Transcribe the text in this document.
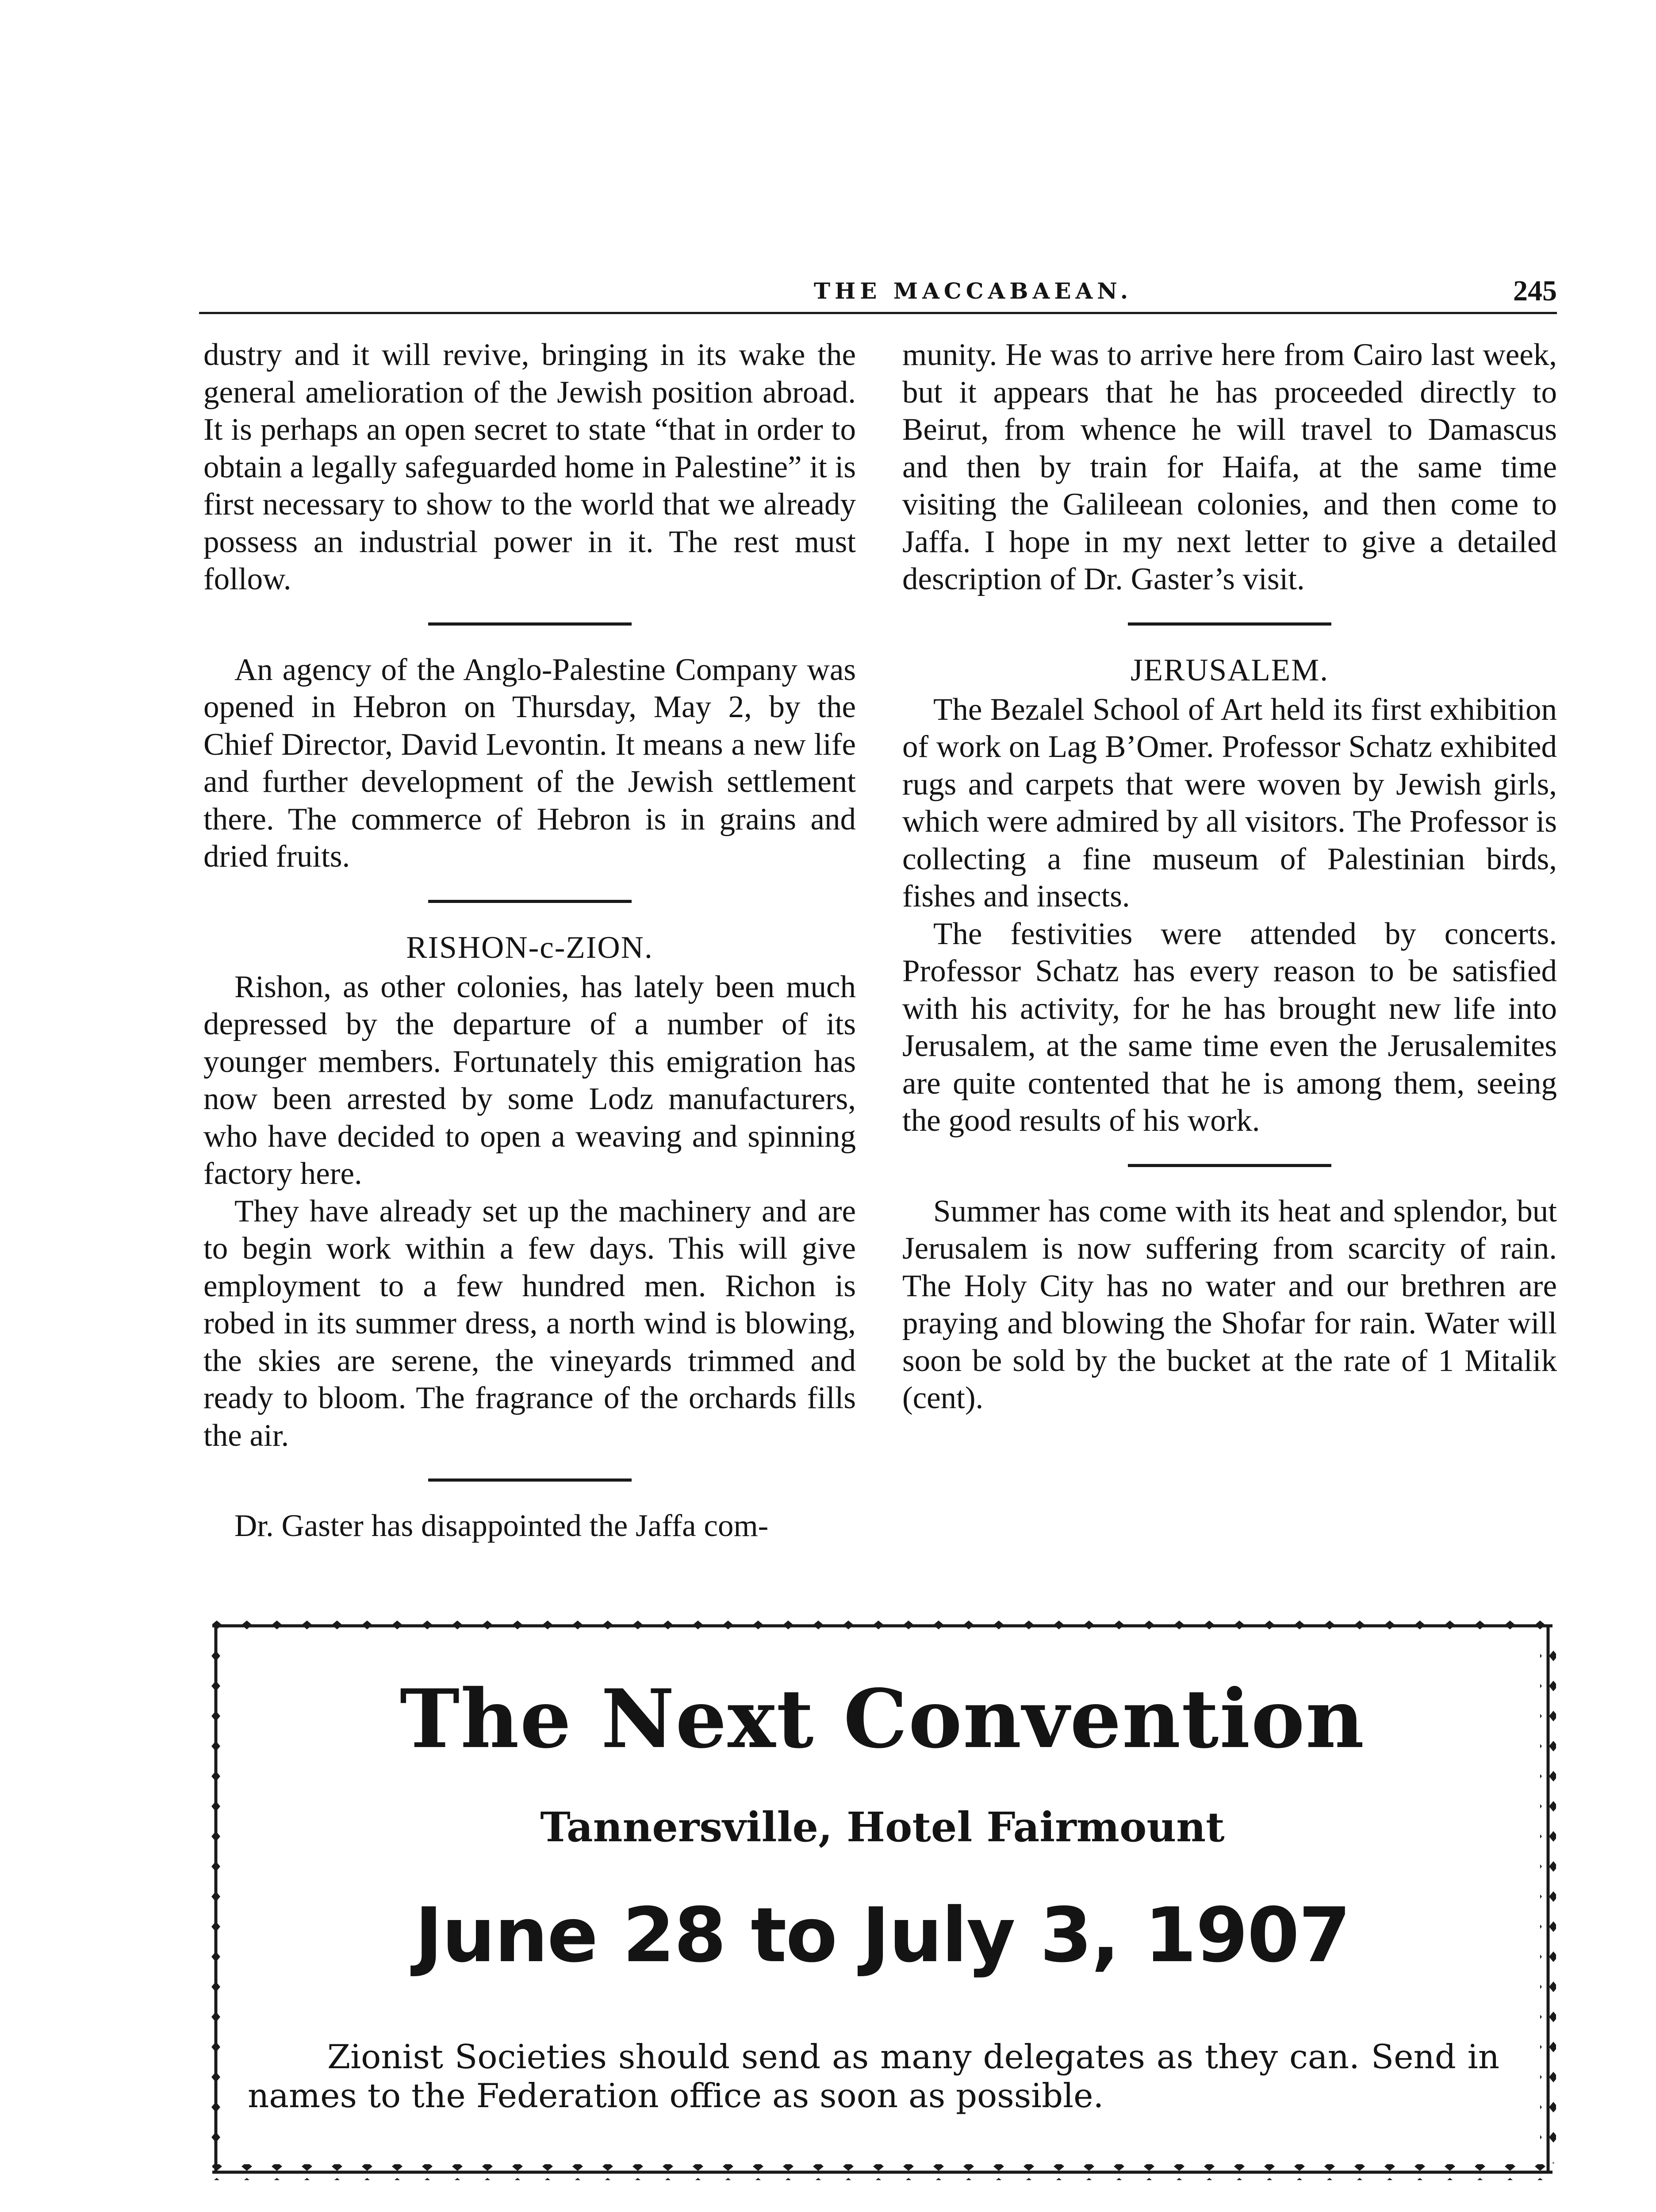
THE MACCABAEAN.	245

dustry and it will revive, bringing in its wake the general amelioration of the Jewish position abroad. It is perhaps an open secret to state “that in order to obtain a legally safeguarded home in Palestine” it is first necessary to show to the world that we already possess an industrial power in it. The rest must follow.

An agency of the Anglo-Palestine Company was opened in Hebron on Thursday, May 2, by the Chief Director, David Levontin. It means a new life and further development of the Jewish settlement there. The commerce of Hebron is in grains and dried fruits.

RISHON-c-ZION.

Rishon, as other colonies, has lately been much depressed by the departure of a number of its younger members. Fortunately this emigration has now been arrested by some Lodz manufacturers, who have decided to open a weaving and spinning factory here.

They have already set up the machinery and are to begin work within a few days. This will give employment to a few hundred men. Richon is robed in its summer dress, a north wind is blowing, the skies are serene, the vineyards trimmed and ready to bloom. The fragrance of the orchards fills the air.

Dr. Gaster has disappointed the Jaffa com-

munity. He was to arrive here from Cairo last week, but it appears that he has proceeded directly to Beirut, from whence he will travel to Damascus and then by train for Haifa, at the same time visiting the Galileean colonies, and then come to Jaffa. I hope in my next letter to give a detailed description of Dr. Gaster’s visit.

JERUSALEM.

The Bezalel School of Art held its first exhibition of work on Lag B’Omer. Professor Schatz exhibited rugs and carpets that were woven by Jewish girls, which were admired by all visitors. The Professor is collecting a fine museum of Palestinian birds, fishes and insects.

The festivities were attended by concerts. Professor Schatz has every reason to be satisfied with his activity, for he has brought new life into Jerusalem, at the same time even the Jerusalemites are quite contented that he is among them, seeing the good results of his work.

Summer has come with its heat and splendor, but Jerusalem is now suffering from scarcity of rain. The Holy City has no water and our brethren are praying and blowing the Shofar for rain. Water will soon be sold by the bucket at the rate of 1 Mitalik (cent).

The Next Convention
Tannersville, Hotel Fairmount
June 28 to July 3, 1907
Zionist Societies should send as many delegates as they can. Send in names to the Federation office as soon as possible.
